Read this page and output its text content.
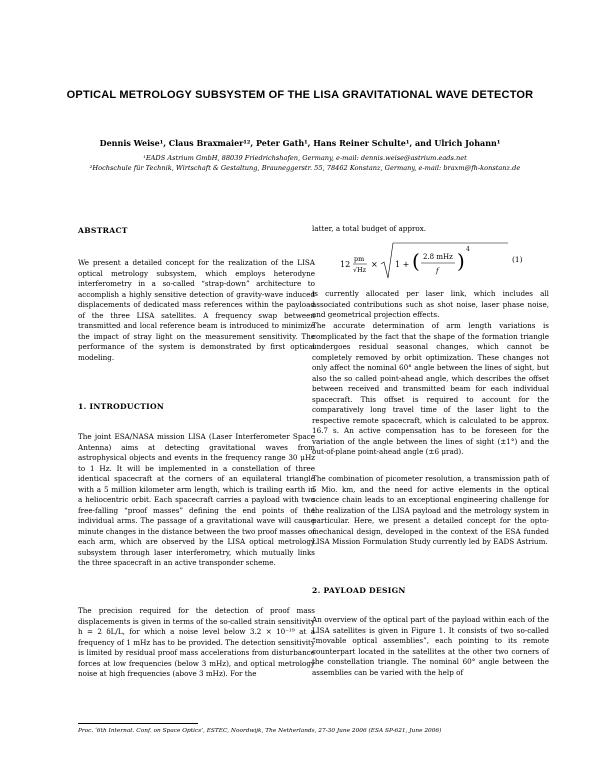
OPTICAL METROLOGY SUBSYSTEM OF THE LISA GRAVITATIONAL WAVE DETECTOR
Dennis Weise¹, Claus Braxmaier¹², Peter Gath¹, Hans Reiner Schulte¹, and Ulrich Johann¹
¹EADS Astrium GmbH, 88039 Friedrichshafen, Germany, e-mail: dennis.weise@astrium.eads.net
²Hochschule für Technik, Wirtschaft & Gestaltung, Brauneggerstr. 55, 78462 Konstanz, Germany, e-mail: braxm@fh-konstanz.de
ABSTRACT
We present a detailed concept for the realization of the LISA optical metrology subsystem, which employs heterodyne interferometry in a so-called “strap-down” architecture to accomplish a highly sensitive detection of gravity-wave induced displacements of dedicated mass references within the payload of the three LISA satellites. A frequency swap between transmitted and local reference beam is introduced to minimize the impact of stray light on the measurement sensitivity. The performance of the system is demonstrated by first optical modeling.
1. INTRODUCTION
The joint ESA/NASA mission LISA (Laser Interferometer Space Antenna) aims at detecting gravitational waves from astrophysical objects and events in the frequency range 30 μHz to 1 Hz. It will be implemented in a constellation of three identical spacecraft at the corners of an equilateral triangle with a 5 million kilometer arm length, which is trailing earth in a heliocentric orbit. Each spacecraft carries a payload with two free-falling “proof masses” defining the end points of the individual arms. The passage of a gravitational wave will cause minute changes in the distance between the two proof masses of each arm, which are observed by the LISA optical metrology subsystem through laser interferometry, which mutually links the three spacecraft in an active transponder scheme.
The precision required for the detection of proof mass displacements is given in terms of the so-called strain sensitivity h = 2 δL/L, for which a noise level below 3.2 × 10⁻¹⁹ at a frequency of 1 mHz has to be provided. The detection sensitivity is limited by residual proof mass accelerations from disturbance forces at low frequencies (below 3 mHz), and optical metrology noise at high frequencies (above 3 mHz). For the
latter, a total budget of approx.
12
pm
√Hz
× 1 + ( 2.8 mHz
f ) 4
(1)
is currently allocated per laser link, which includes all associated contributions such as shot noise, laser phase noise, and geometrical projection effects.
The accurate determination of arm length variations is complicated by the fact that the shape of the formation triangle undergoes residual seasonal changes, which cannot be completely removed by orbit optimization. These changes not only affect the nominal 60° angle between the lines of sight, but also the so called point-ahead angle, which describes the offset between received and transmitted beam for each individual spacecraft. This offset is required to account for the comparatively long travel time of the laser light to the respective remote spacecraft, which is calculated to be approx. 16.7 s. An active compensation has to be foreseen for the variation of the angle between the lines of sight (±1°) and the out-of-plane point-ahead angle (±6 μrad).
The combination of picometer resolution, a transmission path of 5 Mio. km, and the need for active elements in the optical science chain leads to an exceptional engineering challenge for the realization of the LISA payload and the metrology system in particular. Here, we present a detailed concept for the opto-mechanical design, developed in the context of the ESA funded LISA Mission Formulation Study currently led by EADS Astrium.
2. PAYLOAD DESIGN
An overview of the optical part of the payload within each of the LISA satellites is given in Figure 1. It consists of two so-called “movable optical assemblies”, each pointing to its remote counterpart located in the satellites at the other two corners of the constellation triangle. The nominal 60° angle between the assemblies can be varied with the help of
Proc. ‘6th Internat. Conf. on Space Optics’, ESTEC, Noordwijk, The Netherlands, 27-30 June 2006 (ESA SP-621, June 2006)
